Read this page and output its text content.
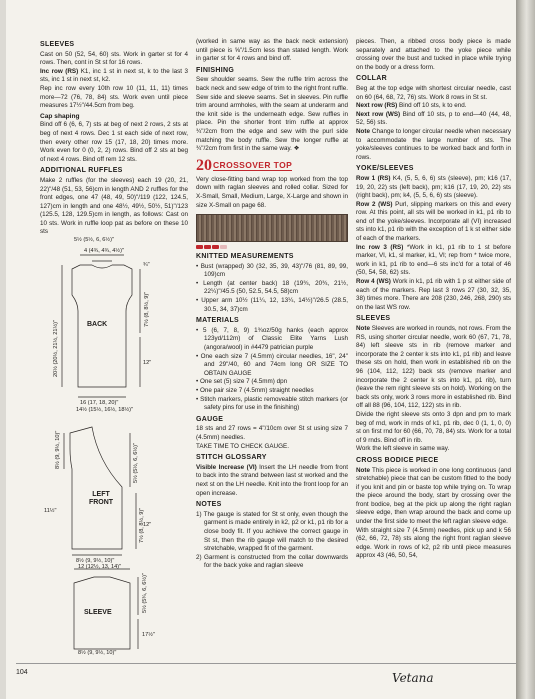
SLEEVES

Cast on 50 (52, 54, 60) sts. Work in garter st for 4 rows. Then, cont in St st for 16 rows.

Inc row (RS) K1, inc 1 st in next st, k to the last 3 sts, inc 1 st in next st, k2.

Rep inc row every 10th row 10 (11, 11, 11) times more—72 (76, 78, 84) sts. Work even until piece measures 17½"/44.5cm from beg.

Cap shaping

Bind off 6 (6, 6, 7) sts at beg of next 2 rows, 2 sts at beg of next 4 rows. Dec 1 st each side of next row, then every other row 15 (17, 18, 20) times more. Work even for 0 (0, 2, 2) rows. Bind off 2 sts at beg of next 4 rows. Bind off rem 12 sts.

ADDITIONAL RUFFLES

Make 2 ruffles (for the sleeves) each 19 (20, 21, 22)"/48 (51, 53, 56)cm in length AND 2 ruffles for the front edges, one 47 (48, 49, 50)"/119 (122, 124.5, 127)cm in length and one 48½, 49½, 50½, 51)"/123 (125.5, 128, 129.5)cm in length, as follows: Cast on 10 sts. Work in ruffle loop pat as before on these 10 sts

BACK
LEFT FRONT
SLEEVE
4 (4¾, 4¾, 4½)"
5½ (5½, 6, 6½)"
¾"
7½ (8, 8½, 9)"
20½ (20½, 21½, 21½)"	12"
16 (17, 18, 20)"
14½ (15½, 16½, 18½)"
5½ (5½, 6, 6½)"
7½ (8, 8½, 9)"
8½ (9, 9½, 10)"
11½"
12"
8½ (9, 9½, 10)"
12 (12½, 13, 14)"
5½ (5¾, 6, 6½)"
17½"
8½ (9, 9½, 10)"

(worked in same way as the back neck extension) until piece is ⅝"/1.5cm less than stated length. Work in garter st for 4 rows and bind off.

FINISHING

Sew shoulder seams. Sew the ruffle trim across the back neck and sew edge of trim to the right front ruffle. Sew side and sleeve seams. Set in sleeves. Pin ruffle trim around armholes, with the seam at underarm and the knit side is the underneath edge. Sew ruffles in place. Pin the shorter front trim ruffle at approx ¾"/2cm from the edge and sew with the purl side matching the body ruffle. Sew the longer ruffle at ¾"/2cm from first in the same way. ❖

20 CROSSOVER TOP

Very close-fitting band wrap top worked from the top down with raglan sleeves and rolled collar. Sized for X-Small, Small, Medium, Large, X-Large and shown in size X-Small on page 68.

KNITTED MEASUREMENTS

• Bust (wrapped) 30 (32, 35, 39, 43)"/76 (81, 89, 99, 109)cm

• Length (at center back) 18 (19¾, 20¾, 21½, 22¼)"/45.5 (50, 52.5, 54.5, 58)cm

• Upper arm 10½ (11¼, 12, 13¼, 14½)"/26.5 (28.5, 30.5, 34, 37)cm

MATERIALS

• 5 (6, 7, 8, 9) 1¾oz/50g hanks (each approx 123yd/112m) of Classic Elite Yarns Lush (angora/wool) in #4479 patrician purple

• One each size 7 (4.5mm) circular needles, 16", 24" and 29"/40, 60 and 74cm long OR SIZE TO OBTAIN GAUGE

• One set (5) size 7 (4.5mm) dpn

• One pair size 7 (4.5mm) straight needles

• Stitch markers, plastic removeable stitch markers (or safety pins for use in the finishing)

GAUGE

18 sts and 27 rows = 4"/10cm over St st using size 7 (4.5mm) needles.

TAKE TIME TO CHECK GAUGE.

STITCH GLOSSARY

Visible Increase (VI) Insert the LH needle from front to back into the strand between last st worked and the next st on the LH needle. Knit into the front loop for an open increase.

NOTES

1) The gauge is stated for St st only, even though the garment is made entirely in k2, p2 or k1, p1 rib for a close body fit. If you achieve the correct gauge in St st, then the rib gauge will match to the desired stretchable, wrapped fit of the garment.

2) Garment is constructed from the collar downwards for the back yoke and raglan sleeve

pieces. Then, a ribbed cross body piece is made separately and attached to the yoke piece while crossing over the bust and tucked in place while trying on the body or a dress form.

COLLAR

Beg at the top edge with shortest circular needle, cast on 60 (64, 68, 72, 76) sts. Work 8 rows in St st.

Next row (RS) Bind off 10 sts, k to end.

Next row (WS) Bind off 10 sts, p to end—40 (44, 48, 52, 56) sts.

Note Change to longer circular needle when necessary to accommodate the large number of sts. The yoke/sleeves continues to be worked back and forth in rows.

YOKE/SLEEVES

Row 1 (RS) K4, (5, 5, 6, 6) sts (sleeve), pm; k16 (17, 19, 20, 22) sts (left back), pm; k16 (17, 19, 20, 22) sts (right back), pm; k4, (5, 5, 6, 6) sts (sleeve).

Row 2 (WS) Purl, slipping markers on this and every row. At this point, all sts will be worked in k1, p1 rib to end of the yoke/sleeves. Incorporate all (VI) increased sts into k1, p1 rib with the exception of 1 k st either side of each of the markers.

Inc row 3 (RS) *Work in k1, p1 rib to 1 st before marker, VI, k1, sl marker, k1, VI; rep from * twice more, work in k1, p1 rib to end—6 sts inc'd for a total of 46 (50, 54, 58, 62) sts.

Row 4 (WS) Work in k1, p1 rib with 1 p st either side of each of the markers. Rep last 3 rows 27 (30, 32, 35, 38) times more. There are 208 (230, 246, 268, 290) sts on the last WS row.

SLEEVES

Note Sleeves are worked in rounds, not rows. From the RS, using shorter circular needle, work 60 (67, 71, 78, 84) left sleeve sts in rib (remove marker and incorporate the 2 center k sts into k1, p1 rib) and leave these sts on hold, then work in established rib on the 96 (104, 112, 122) back sts (remove marker and incorporate the 2 center k sts into k1, p1 rib), turn (leave the rem right sleeve sts on hold). Working on the back sts only, work 3 rows more in established rib. Bind off all 88 (96, 104, 112, 122) sts in rib.

Divide the right sleeve sts onto 3 dpn and pm to mark beg of rnd, work in rnds of k1, p1 rib, dec 0 (1, 1, 0, 0) st on first rnd for 60 (66, 70, 78, 84) sts. Work for a total of 9 rnds. Bind off in rib.

Work the left sleeve in same way.

CROSS BODICE PIECE

Note This piece is worked in one long continuous (and stretchable) piece that can be custom fitted to the body if you knit and pin or baste top while trying on. To wrap the piece around the body, start by crossing over the front bodice, beg at the pick up along the right raglan sleeve edge, then wrap around the back and come up under the first side to meet the left raglan sleeve edge.

With straight size 7 (4.5mm) needles, pick up and k 56 (62, 66, 72, 78) sts along the right front raglan sleeve edge. Work in rows of k2, p2 rib until piece measures approx 43 (46, 50, 54,

104	Vetana
